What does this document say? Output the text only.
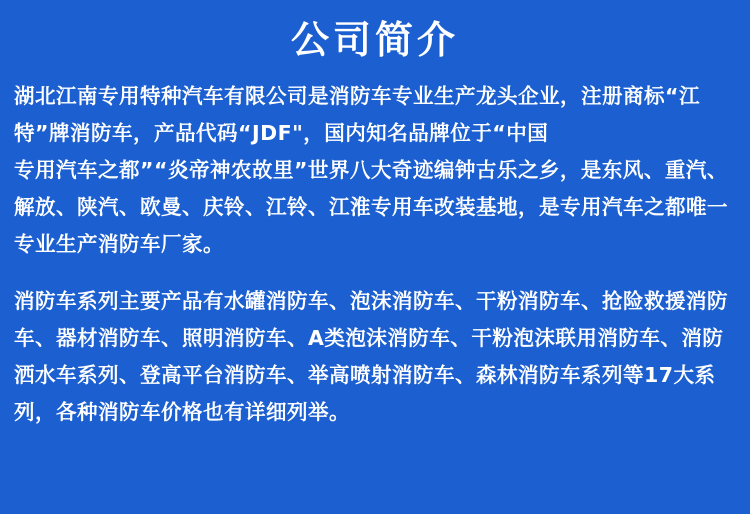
公司简介

湖北江南专用特种汽车有限公司是消防车专业生产龙头企业，注册商标“江特”牌消防车，产品代码“JDF"，国内知名品牌位于“中国
专用汽车之都”“炎帝神农故里”世界八大奇迹编钟古乐之乡，是东风、重汽、解放、陕汽、欧曼、庆铃、江铃、江淮专用车改装基地，是专用汽车之都唯一专业生产消防车厂家。

消防车系列主要产品有水罐消防车、泡沫消防车、干粉消防车、抢险救援消防车、器材消防车、照明消防车、A类泡沫消防车、干粉泡沫联用消防车、消防洒水车系列、登高平台消防车、举高喷射消防车、森林消防车系列等17大系列，各种消防车价格也有详细列举。
